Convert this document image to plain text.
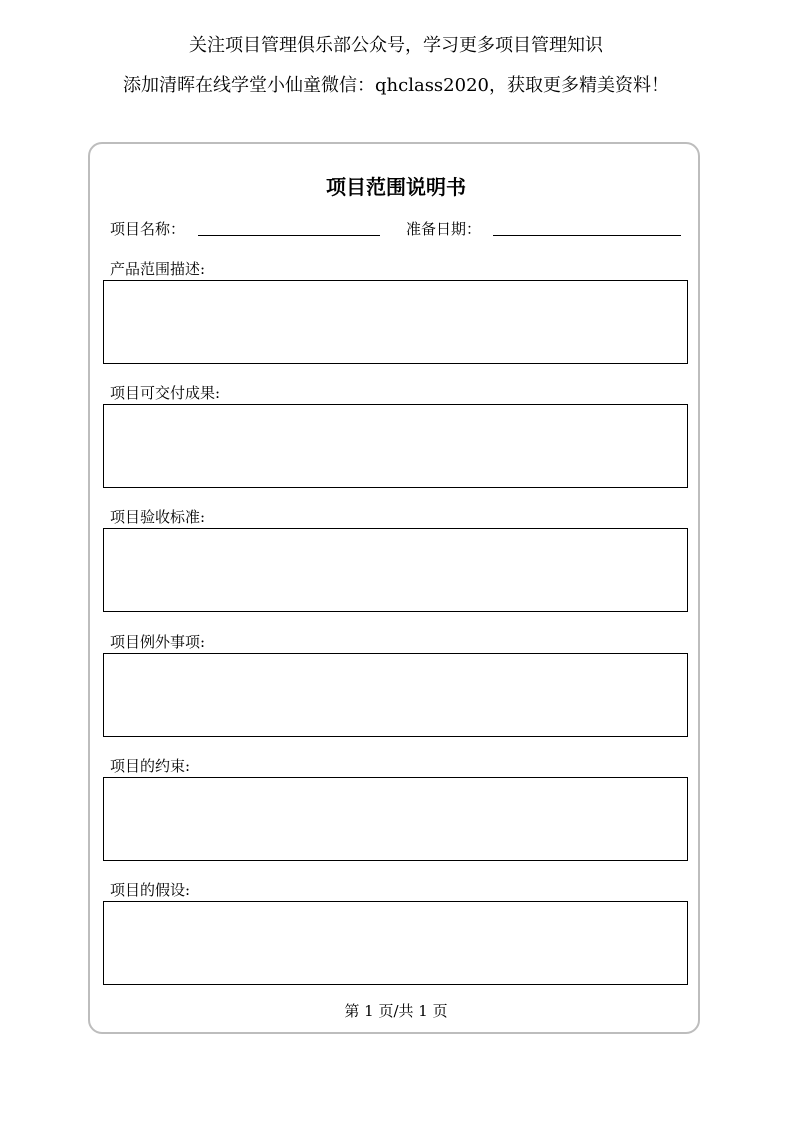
关注项目管理俱乐部公众号，学习更多项目管理知识
添加清晖在线学堂小仙童微信：qhclass2020，获取更多精美资料！
项目范围说明书
项目名称：	准备日期：
产品范围描述:
项目可交付成果:
项目验收标准:
项目例外事项:
项目的约束:
项目的假设:
第 1 页/共 1 页
